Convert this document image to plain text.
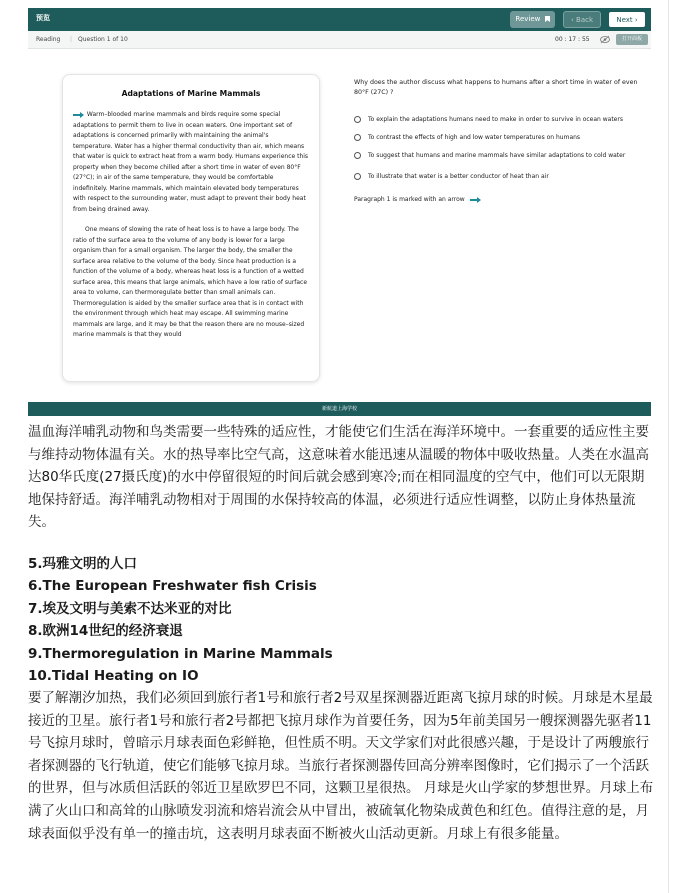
预览	Review	‹ Back	Next ›
Reading | Question 1 of 10	00 : 17 : 55	打开面板
Adaptations of Marine Mammals

Warm–blooded marine mammals and birds require some special adaptations to permit them to live in ocean waters. One important set of adaptations is concerned primarily with maintaining the animal's temperature. Water has a higher thermal conductivity than air, which means that water is quick to extract heat from a warm body. Humans experience this property when they become chilled after a short time in water of even 80°F (27°C); in air of the same temperature, they would be comfortable indefinitely. Marine mammals, which maintain elevated body temperatures with respect to the surrounding water, must adapt to prevent their body heat from being drained away.

One means of slowing the rate of heat loss is to have a large body. The ratio of the surface area to the volume of any body is lower for a large organism than for a small organism. The larger the body, the smaller the surface area relative to the volume of the body. Since heat production is a function of the volume of a body, whereas heat loss is a function of a wetted surface area, this means that large animals, which have a low ratio of surface area to volume, can thermoregulate better than small animals can. Thermoregulation is aided by the smaller surface area that is in contact with the environment through which heat may escape. All swimming marine mammals are large, and it may be that the reason there are no mouse–sized marine mammals is that they would

Why does the author discuss what happens to humans after a short time in water of even 80°F (27C) ?
To explain the adaptations humans need to make in order to survive in ocean waters
To contrast the effects of high and low water temperatures on humans
To suggest that humans and marine mammals have similar adaptations to cold water
To illustrate that water is a better conductor of heat than air
Paragraph 1 is marked with an arrow
新航道上海学校
温血海洋哺乳动物和鸟类需要一些特殊的适应性，才能使它们生活在海洋环境中。一套重要的适应性主要与维持动物体温有关。水的热导率比空气高，这意味着水能迅速从温暖的物体中吸收热量。人类在水温高达80华氏度(27摄氏度)的水中停留很短的时间后就会感到寒冷;而在相同温度的空气中，他们可以无限期地保持舒适。海洋哺乳动物相对于周围的水保持较高的体温，必须进行适应性调整，以防止身体热量流失。
5.玛雅文明的人口
6.The European Freshwater fish Crisis
7.埃及文明与美索不达米亚的对比
8.欧洲14世纪的经济衰退
9.Thermoregulation in Marine Mammals
10.Tidal Heating on IO
要了解潮汐加热，我们必须回到旅行者1号和旅行者2号双星探测器近距离飞掠月球的时候。月球是木星最接近的卫星。旅行者1号和旅行者2号都把飞掠月球作为首要任务，因为5年前美国另一艘探测器先驱者11号飞掠月球时，曾暗示月球表面色彩鲜艳，但性质不明。天文学家们对此很感兴趣，于是设计了两艘旅行者探测器的飞行轨道，使它们能够飞掠月球。当旅行者探测器传回高分辨率图像时，它们揭示了一个活跃的世界，但与冰质但活跃的邻近卫星欧罗巴不同，这颗卫星很热。 月球是火山学家的梦想世界。月球上布满了火山口和高耸的山脉喷发羽流和熔岩流会从中冒出，被硫氧化物染成黄色和红色。值得注意的是，月球表面似乎没有单一的撞击坑，这表明月球表面不断被火山活动更新。月球上有很多能量。
